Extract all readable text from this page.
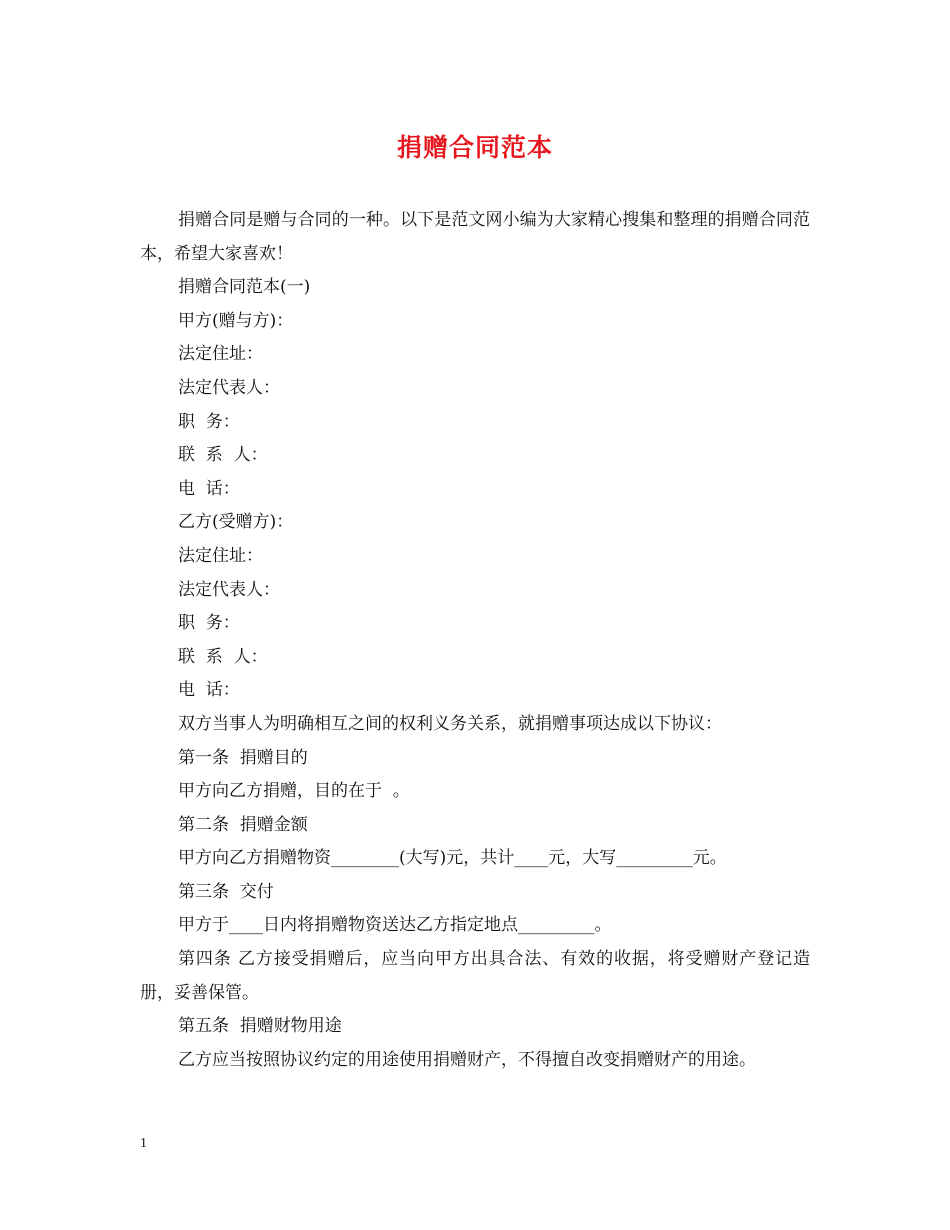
捐赠合同范本

捐赠合同是赠与合同的一种。以下是范文网小编为大家精心搜集和整理的捐赠合同范本，希望大家喜欢！

捐赠合同范本(一)

甲方(赠与方)：

法定住址：

法定代表人：

职  务：

联  系  人：

电  话：

乙方(受赠方)：

法定住址：

法定代表人：

职  务：

联  系  人：

电  话：

双方当事人为明确相互之间的权利义务关系，就捐赠事项达成以下协议：

第一条  捐赠目的

甲方向乙方捐赠，目的在于  。

第二条  捐赠金额

甲方向乙方捐赠物资________(大写)元，共计____元，大写_________元。

第三条  交付

甲方于____日内将捐赠物资送达乙方指定地点_________。

第四条 乙方接受捐赠后，应当向甲方出具合法、有效的收据，将受赠财产登记造册，妥善保管。

第五条  捐赠财物用途

乙方应当按照协议约定的用途使用捐赠财产，不得擅自改变捐赠财产的用途。

1
